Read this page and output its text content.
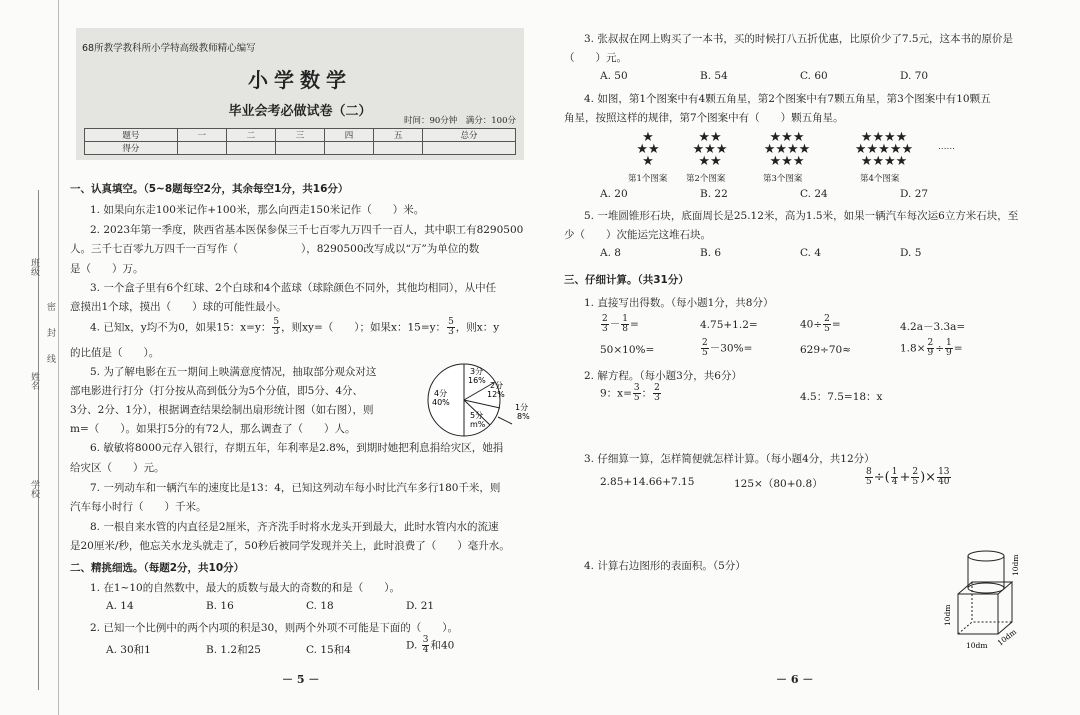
班级
密
封
线
姓名
学校
68所教学教科所小学特高级教师精心编写
小学数学
毕业会考必做试卷（二）
时间：90分钟　满分：100分
题号	一	二	三	四	五	总分
得分						
一、认真填空。（5~8题每空2分，其余每空1分，共16分）
1. 如果向东走100米记作+100米，那么向西走150米记作（　　）米。
2. 2023年第一季度，陕西省基本医保参保三千七百零九万四千一百人，其中职工有8290500
人。三千七百零九万四千一百写作（　　　　　　），8290500改写成以“万”为单位的数
是（　　）万。
3. 一个盒子里有6个红球、2个白球和4个蓝球（球除颜色不同外，其他均相同），从中任
意摸出1个球，摸出（　　）球的可能性最小。
4. 已知x，y均不为0，如果15：x=y： $\frac{5}{3}$ ，则xy=（　　）；如果x：15=y： $\frac{5}{3}$ ，则x：y
的比值是（　　）。
5. 为了解电影在五一期间上映满意度情况，抽取部分观众对这
部电影进行打分（打分按从高到低分为5个分值，即5分、4分、
3分、2分、1分），根据调查结果绘制出扇形统计图（如右图），则
m=（　　）。如果打5分的有72人，那么调查了（　　）人。
3分 16%
2分 12%
1分 8%
5分 m%
4分 40%
6. 敏敏将8000元存入银行，存期五年，年利率是2.8%，到期时她把利息捐给灾区，她捐
给灾区（　　）元。
7. 一列动车和一辆汽车的速度比是13：4，已知这列动车每小时比汽车多行180千米，则
汽车每小时行（　　）千米。
8. 一根自来水管的内直径是2厘米，齐齐洗手时将水龙头开到最大，此时水管内水的流速
是20厘米/秒，他忘关水龙头就走了，50秒后被同学发现并关上，此时浪费了（　　）毫升水。
二、精挑细选。（每题2分，共10分）
1. 在1~10的自然数中，最大的质数与最大的奇数的和是（　　）。
A. 14	B. 16	C. 18	D. 21
2. 已知一个比例中的两个内项的积是30，则两个外项不可能是下面的（　　）。
A. 30和1	B. 1.2和25	C. 15和4	D. $\frac{3}{4}$ 和40
－ 5 －
3. 张叔叔在网上购买了一本书，买的时候打八五折优惠，比原价少了7.5元，这本书的原价是
（　　）元。
A. 50	B. 54	C. 60	D. 70
4. 如图，第1个图案中有4颗五角星，第2个图案中有7颗五角星，第3个图案中有10颗五
角星，按照这样的规律，第7个图案中有（　　）颗五角星。
★
★★
★
★★
★★★
★★
★★★
★★★★
★★★
★★★★
★★★★★
★★★★
……
第1个图案 第2个图案	第3个图案	第4个图案
A. 20	B. 22	C. 24	D. 27
5. 一堆圆锥形石块，底面周长是25.12米，高为1.5米，如果一辆汽车每次运6立方米石块，至
少（　　）次能运完这堆石块。
A. 8	B. 6	C. 4	D. 5
三、仔细计算。（共31分）
1. 直接写出得数。（每小题1分，共8分）
$\frac{2}{3} - \frac{1}{8}$ =	4.75+1.2=	$40\div \frac{2}{5}$ =	4.2a－3.3a=
50×10%=	$\frac{2}{5} -30\%=$	629÷70≈	$1.8\times \frac{2}{9} \div \frac{1}{9}$ =
2. 解方程。（每小题3分，共6分）
9：$x= \frac{3}{5}$ ： $\frac{2}{3}$	4.5：7.5=18：x
3. 仔细算一算，怎样简便就怎样计算。（每小题4分，共12分）
2.85+14.66+7.15	125×（80+0.8）	$\frac{8}{5}$ ÷( $\frac{1}{4} + \frac{2}{5}$ )× $\frac{13}{40}$
4. 计算右边图形的表面积。（5分）	10dm
10dm
10dm 10dm
－ 6 －
